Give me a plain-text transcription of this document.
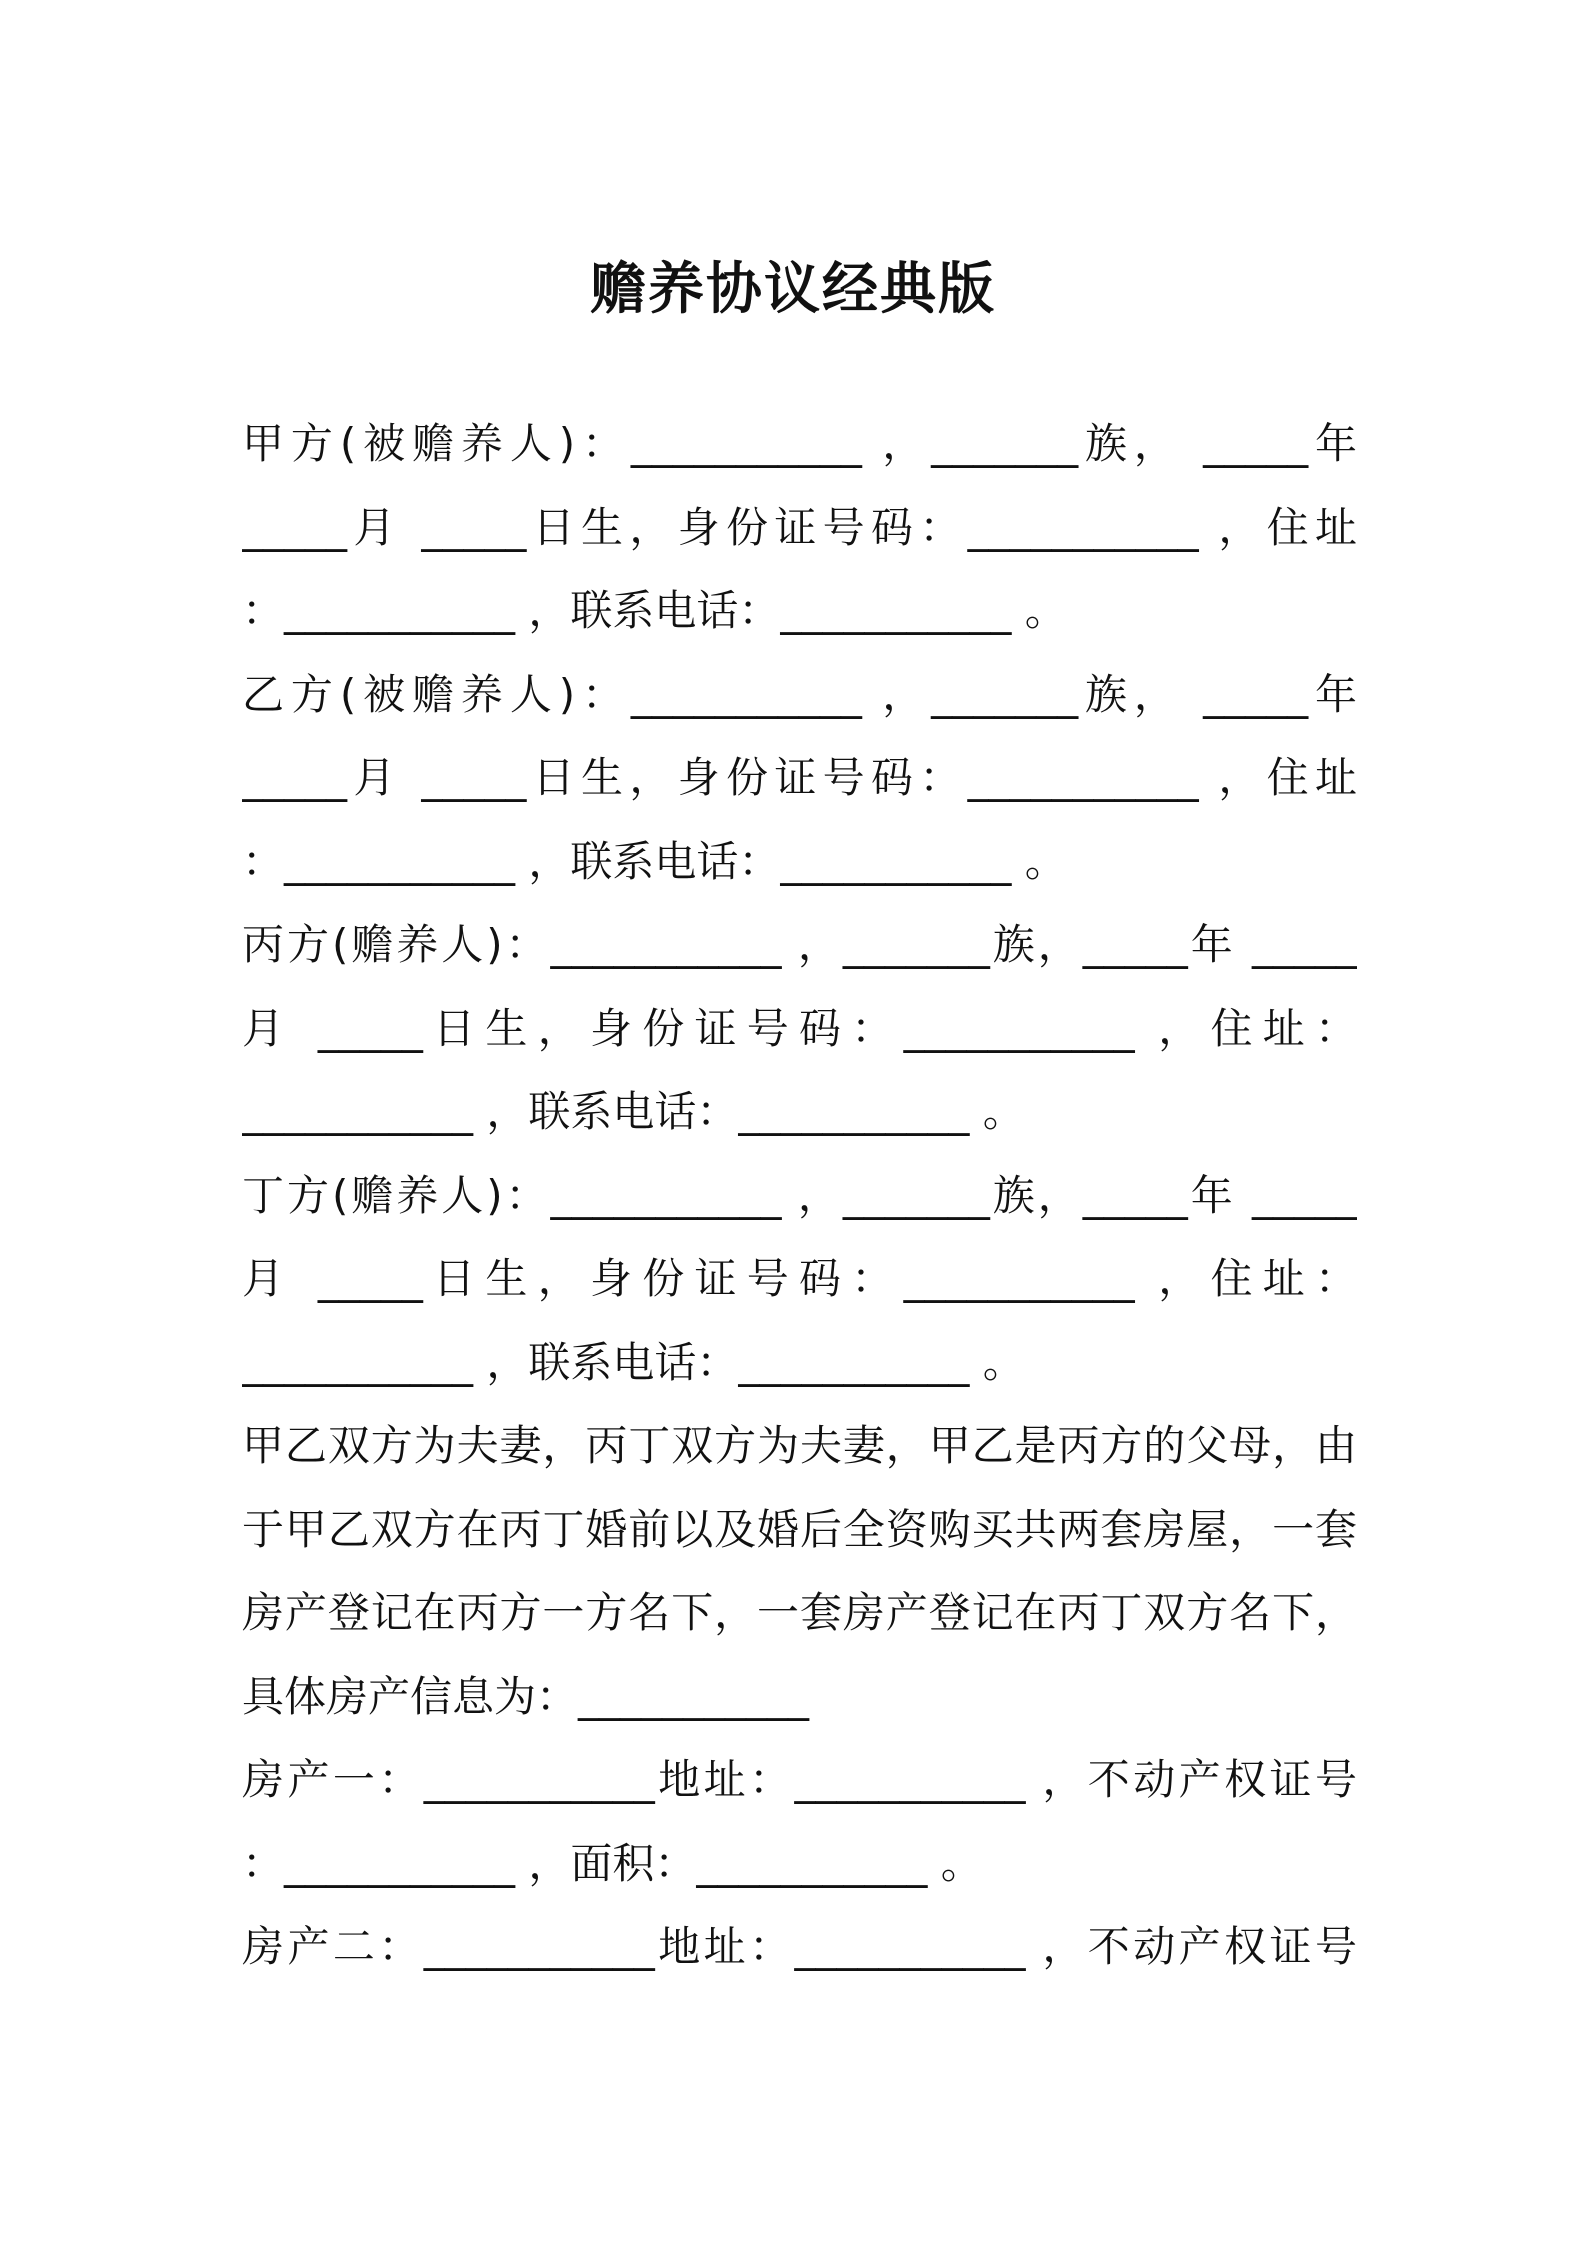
赡养协议经典版
甲方(被赡养人)：___________ ，_______族， _____年
_____月 _____日生，身份证号码：___________ ，住址
：___________ ，联系电话：___________ 。
乙方(被赡养人)：___________ ，_______族， _____年
_____月 _____日生，身份证号码：___________ ，住址
：___________ ，联系电话：___________ 。
丙方(赡养人)：___________ ，_______族，_____年 _____
月 _____日生，身份证号码：___________ ，住址：
___________ ，联系电话：___________ 。
丁方(赡养人)：___________ ，_______族，_____年 _____
月 _____日生，身份证号码：___________ ，住址：
___________ ，联系电话：___________ 。
甲乙双方为夫妻，丙丁双方为夫妻，甲乙是丙方的父母，由
于甲乙双方在丙丁婚前以及婚后全资购买共两套房屋，一套
房产登记在丙方一方名下，一套房产登记在丙丁双方名下，
具体房产信息为：___________
房产一：___________地址：___________ ，不动产权证号
：___________ ，面积：___________ 。
房产二：___________地址：___________ ，不动产权证号
